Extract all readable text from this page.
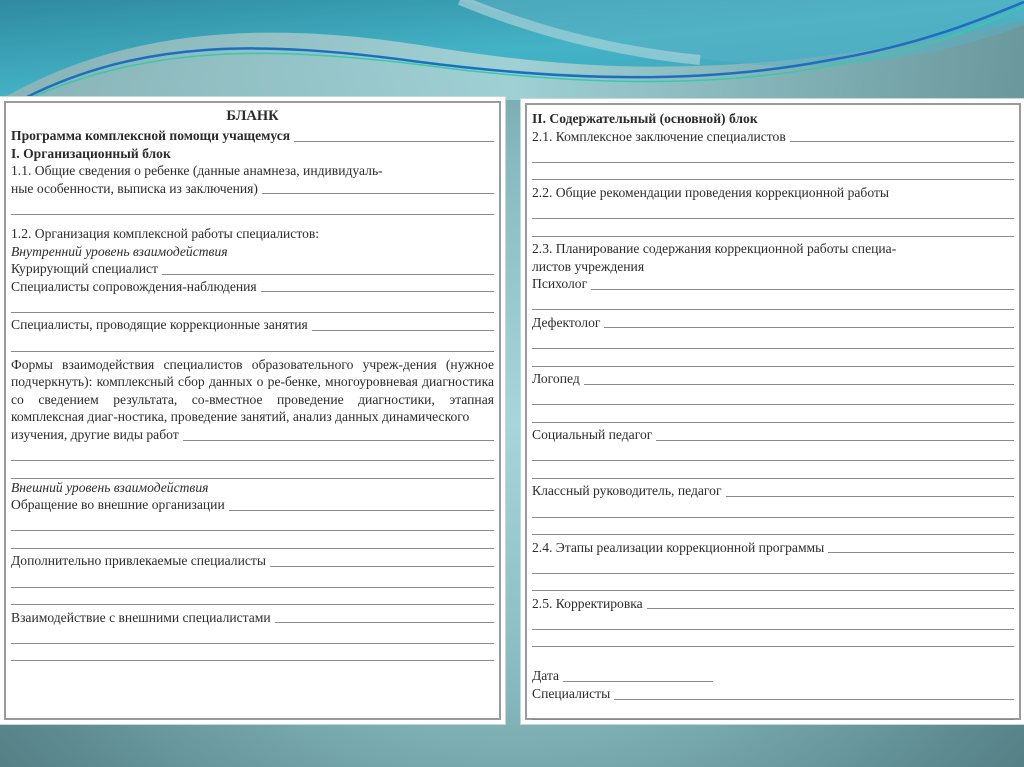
БЛАНК
Программа комплексной помощи учащемуся
I. Организационный блок
1.1. Общие сведения о ребенке (данные анамнеза, индивидуаль-
ные особенности, выписка из заключения)
1.2. Организация комплексной работы специалистов:
Внутренний уровень взаимодействия
Курирующий специалист
Специалисты сопровождения-наблюдения
Специалисты, проводящие коррекционные занятия
Формы взаимодействия специалистов образовательного учреж-дения (нужное подчеркнуть): комплексный сбор данных о ре-бенке, многоуровневая диагностика со сведением результата, со-вместное проведение диагностики, этапная комплексная диаг-ностика, проведение занятий, анализ данных динамического
изучения, другие виды работ
Внешний уровень взаимодействия
Обращение во внешние организации
Дополнительно привлекаемые специалисты
Взаимодействие с внешними специалистами
II. Содержательный (основной) блок
2.1. Комплексное заключение специалистов
2.2. Общие рекомендации проведения коррекционной работы
2.3. Планирование содержания коррекционной работы специа-
листов учреждения
Психолог
Дефектолог
Логопед
Социальный педагог
Классный руководитель, педагог
2.4. Этапы реализации коррекционной программы
2.5. Корректировка
Дата
Специалисты
